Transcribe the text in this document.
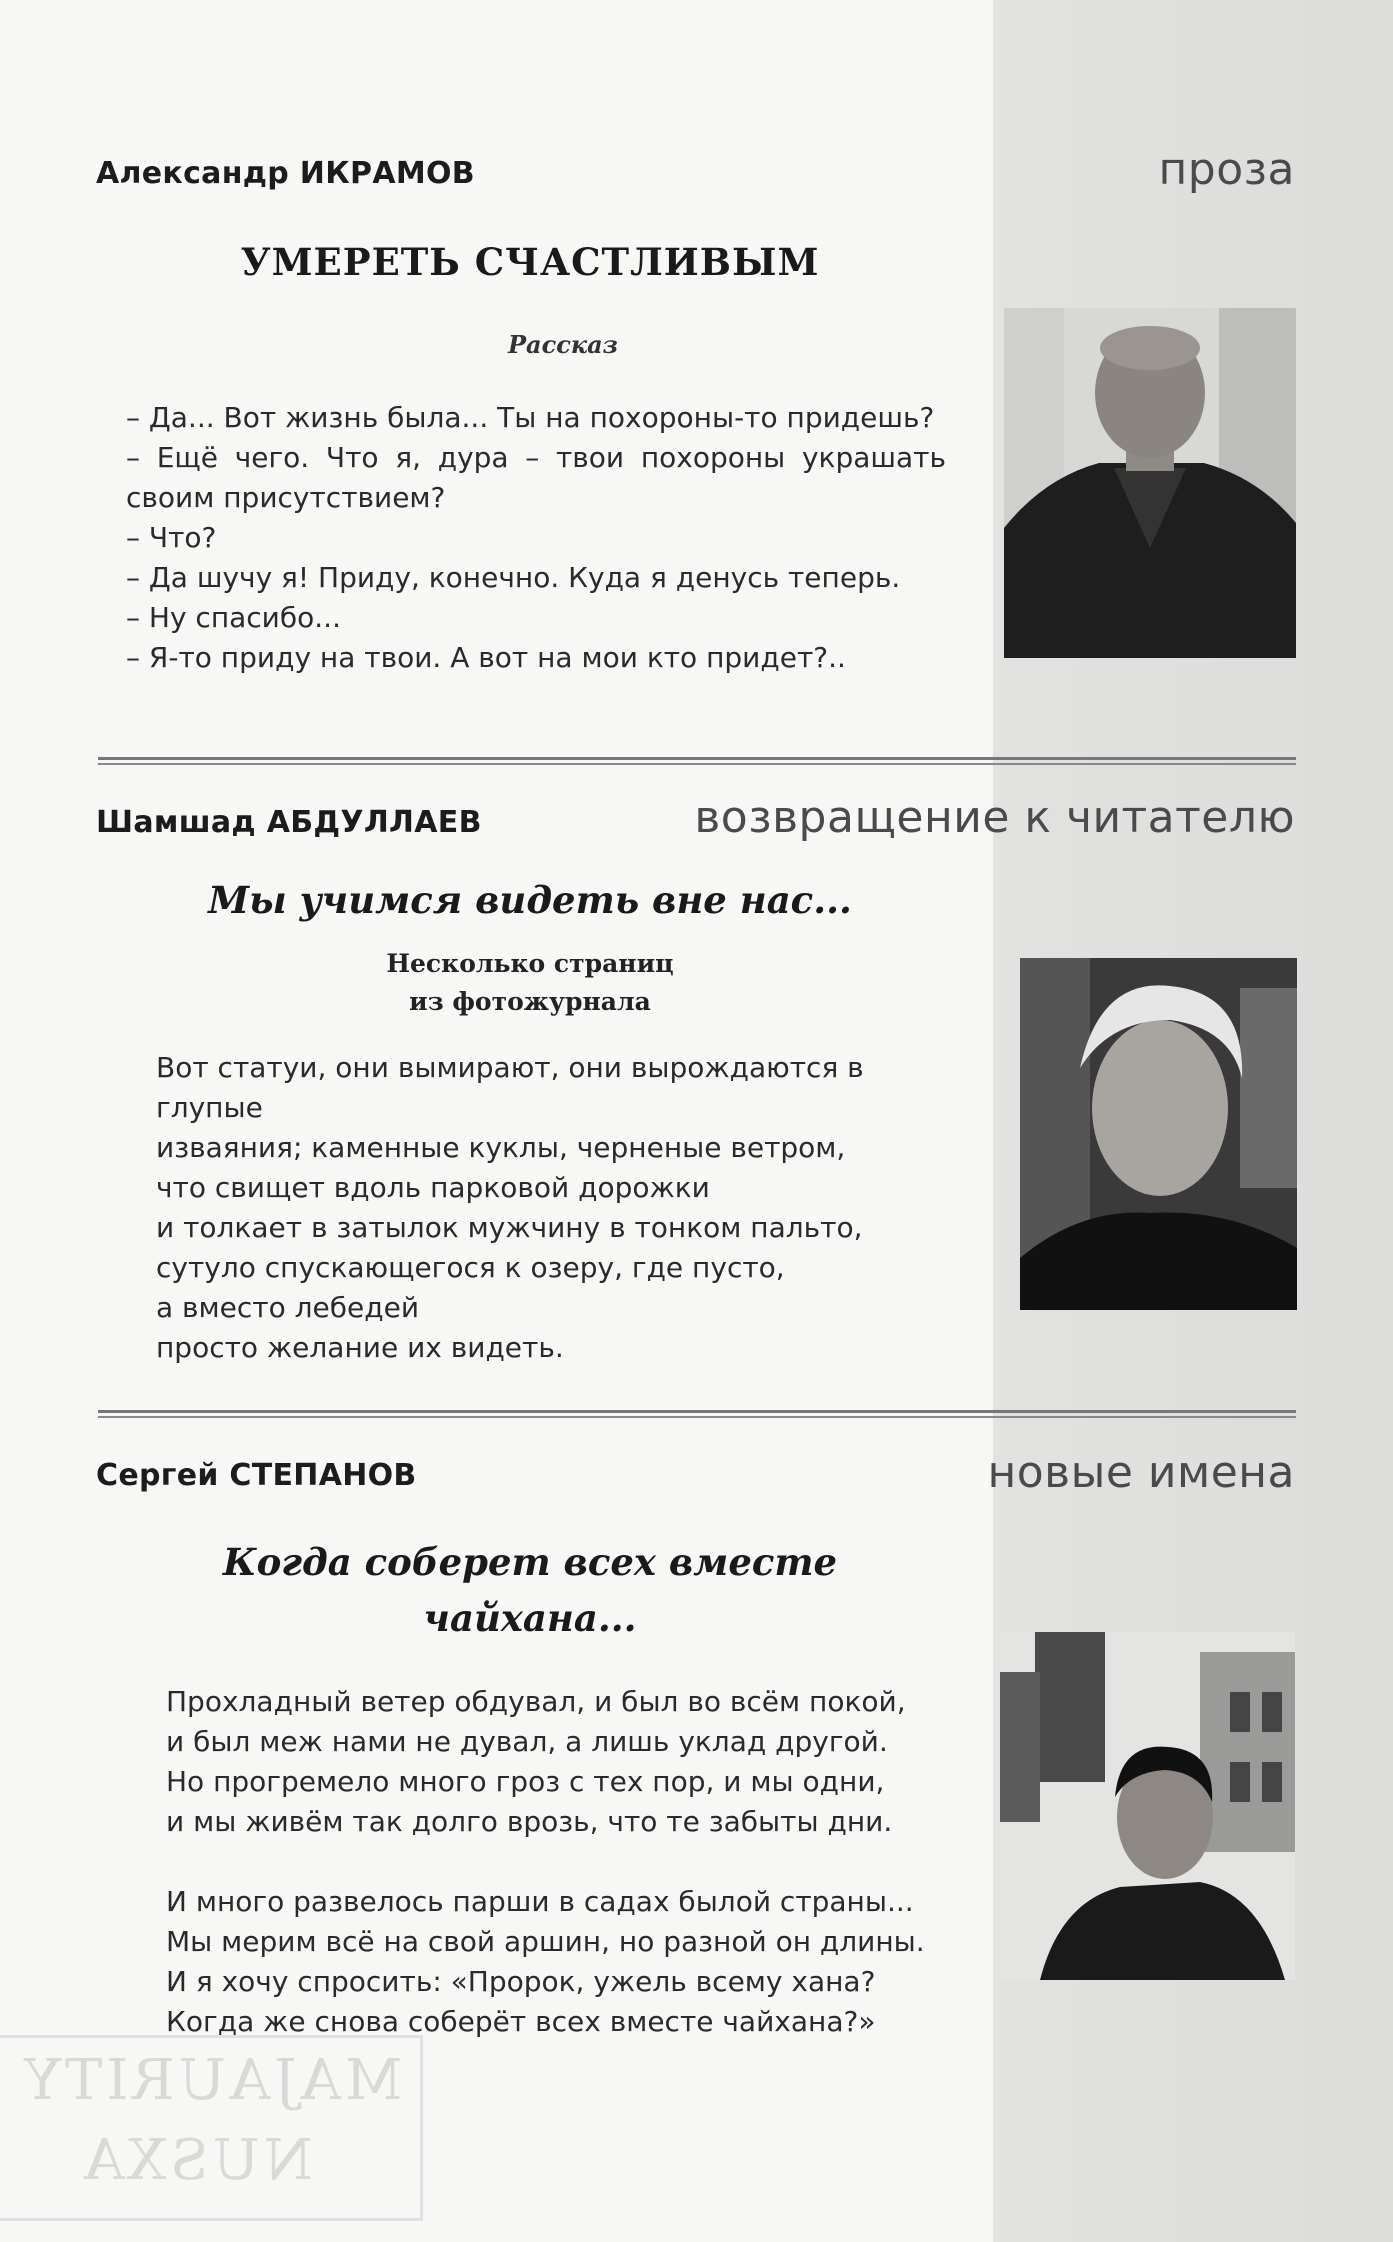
Александр ИКРАМОВ	проза
УМЕРЕТЬ СЧАСТЛИВЫМ
Рассказ

– Да... Вот жизнь была... Ты на похороны-то придешь?

– Ещё чего. Что я, дура – твои похороны украшать своим присутствием?

– Что?

– Да шучу я! Приду, конечно. Куда я денусь теперь.

– Ну спасибо...

– Я-то приду на твои. А вот на мои кто придет?..

Шамшад АБДУЛЛАЕВ	возвращение к читателю
Мы учимся видеть вне нас...
Несколько страниц
из фотожурнала

Вот статуи, они вымирают, они вырождаются в

глупые

изваяния; каменные куклы, черненые ветром,

что свищет вдоль парковой дорожки

и толкает в затылок мужчину в тонком пальто,

сутуло спускающегося к озеру, где пусто,

а вместо лебедей

просто желание их видеть.

Сергей СТЕПАНОВ	новые имена
Когда соберет всех вместе
чайхана...

Прохладный ветер обдувал, и был во всём покой,

и был меж нами не дувал, а лишь уклад другой.

Но прогремело много гроз с тех пор, и мы одни,

и мы живём так долго врозь, что те забыты дни.

И много развелось парши в садах былой страны...

Мы мерим всё на свой аршин, но разной он длины.

И я хочу спросить: «Пророк, ужель всему хана?

Когда же снова соберёт всех вместе чайхана?»

MAJAURITY
NUSXA
